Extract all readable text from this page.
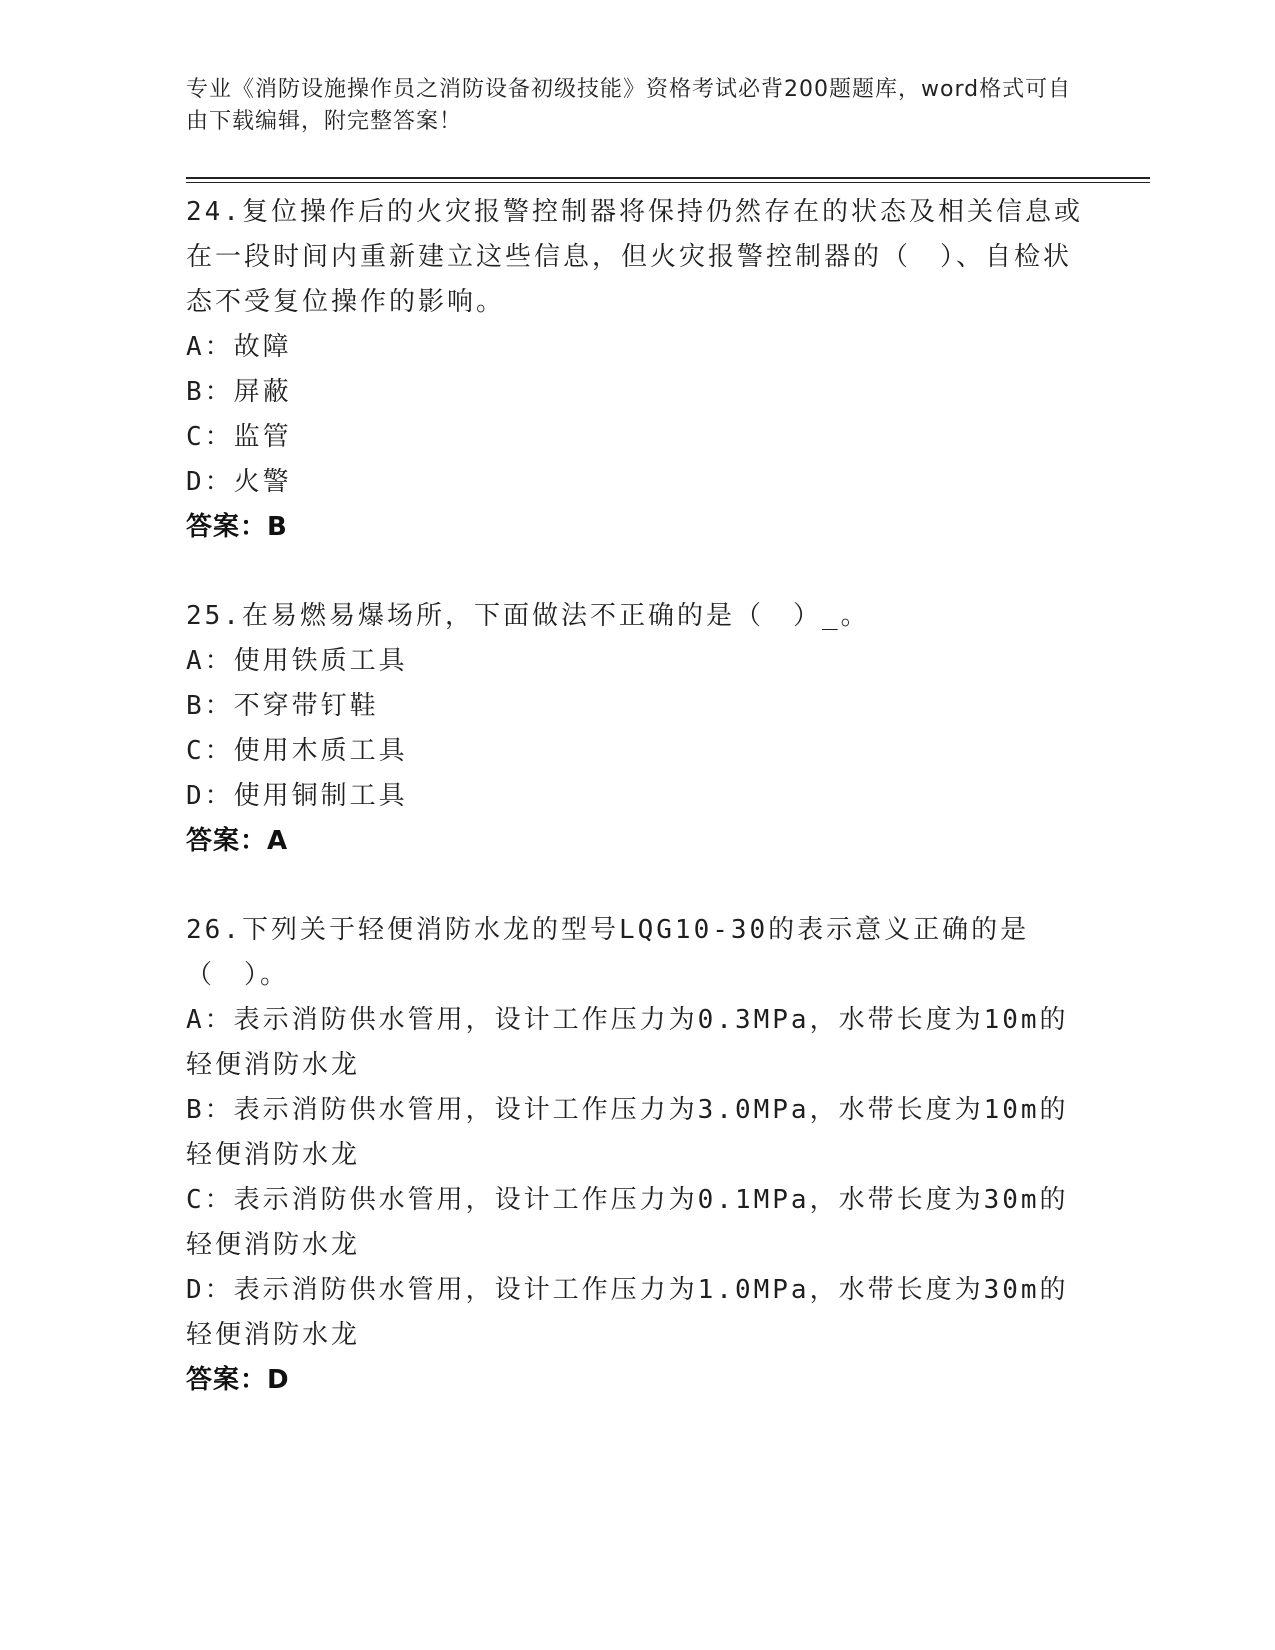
专业《消防设施操作员之消防设备初级技能》资格考试必背200题题库，word格式可自由下载编辑，附完整答案！
24.复位操作后的火灾报警控制器将保持仍然存在的状态及相关信息或在一段时间内重新建立这些信息，但火灾报警控制器的（　）、自检状态不受复位操作的影响。
A：故障
B：屏蔽
C：监管
D：火警
答案：B
25.在易燃易爆场所，下面做法不正确的是（　）_。
A：使用铁质工具
B：不穿带钉鞋
C：使用木质工具
D：使用铜制工具
答案：A
26.下列关于轻便消防水龙的型号LQG10-30的表示意义正确的是（　）。
A：表示消防供水管用，设计工作压力为0.3MPa，水带长度为10m的轻便消防水龙
B：表示消防供水管用，设计工作压力为3.0MPa，水带长度为10m的轻便消防水龙
C：表示消防供水管用，设计工作压力为0.1MPa，水带长度为30m的轻便消防水龙
D：表示消防供水管用，设计工作压力为1.0MPa，水带长度为30m的轻便消防水龙
答案：D
